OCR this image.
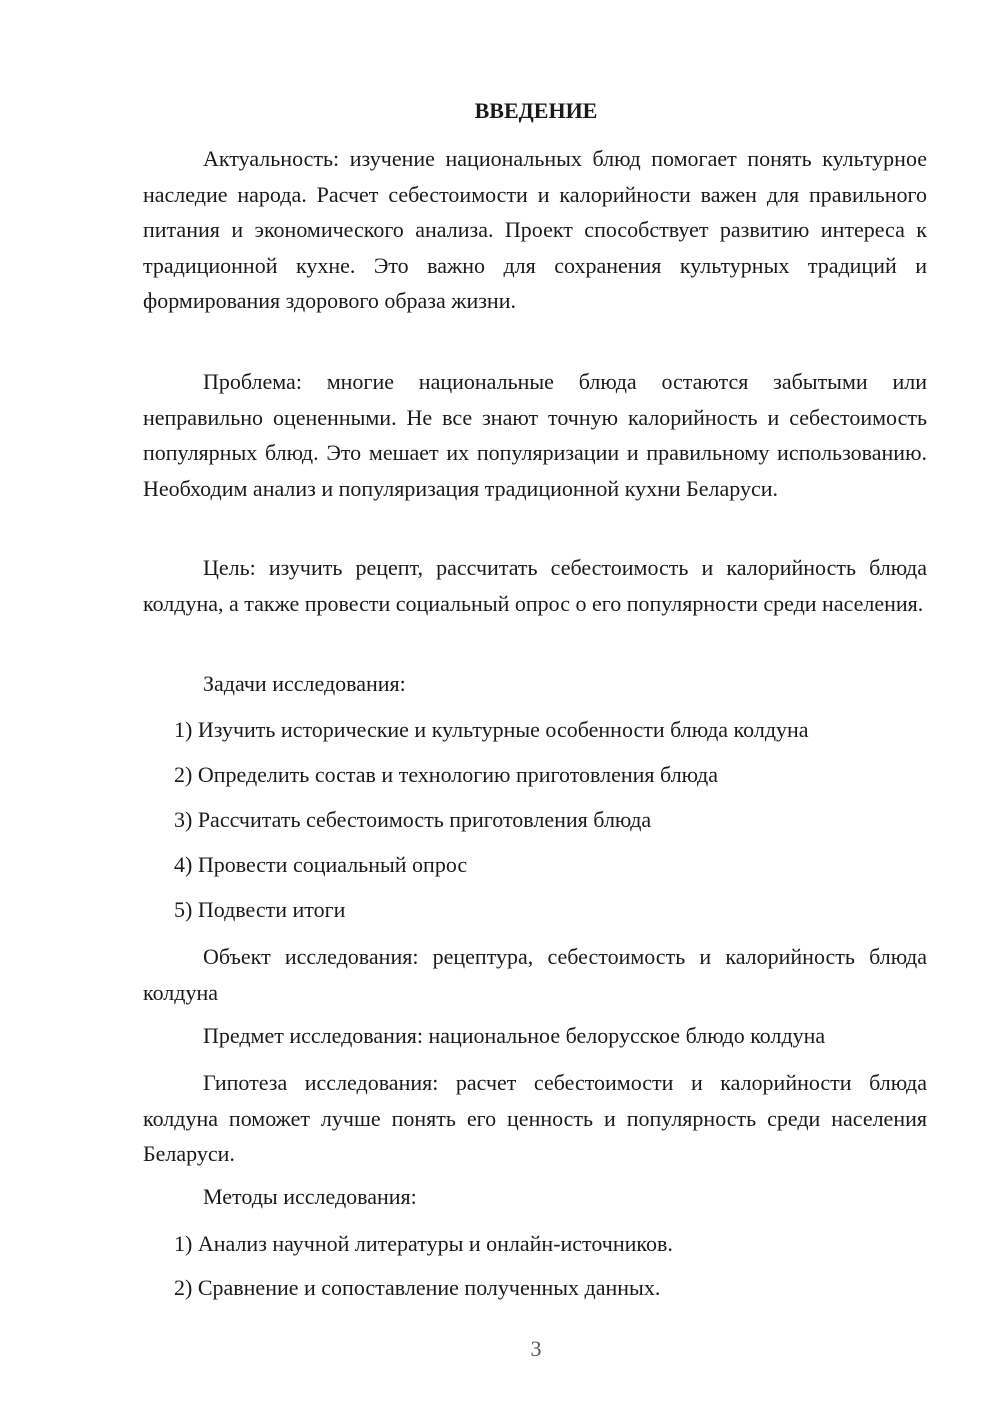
ВВЕДЕНИЕ
Актуальность: изучение национальных блюд помогает понять культурное наследие народа. Расчет себестоимости и калорийности важен для правильного питания и экономического анализа. Проект способствует развитию интереса к традиционной кухне. Это важно для сохранения культурных традиций и формирования здорового образа жизни.
Проблема: многие национальные блюда остаются забытыми или неправильно оцененными. Не все знают точную калорийность и себестоимость популярных блюд. Это мешает их популяризации и правильному использованию. Необходим анализ и популяризация традиционной кухни Беларуси.
Цель: изучить рецепт, рассчитать себестоимость и калорийность блюда колдуна, а также провести социальный опрос о его популярности среди населения.
Задачи исследования:
1) Изучить исторические и культурные особенности блюда колдуна
2) Определить состав и технологию приготовления блюда
3) Рассчитать себестоимость приготовления блюда
4) Провести социальный опрос
5) Подвести итоги
Объект исследования: рецептура, себестоимость и калорийность блюда колдуна
Предмет исследования: национальное белорусское блюдо колдуна
Гипотеза исследования: расчет себестоимости и калорийности блюда колдуна поможет лучше понять его ценность и популярность среди населения Беларуси.
Методы исследования:
1) Анализ научной литературы и онлайн-источников.
2) Сравнение и сопоставление полученных данных.
3
